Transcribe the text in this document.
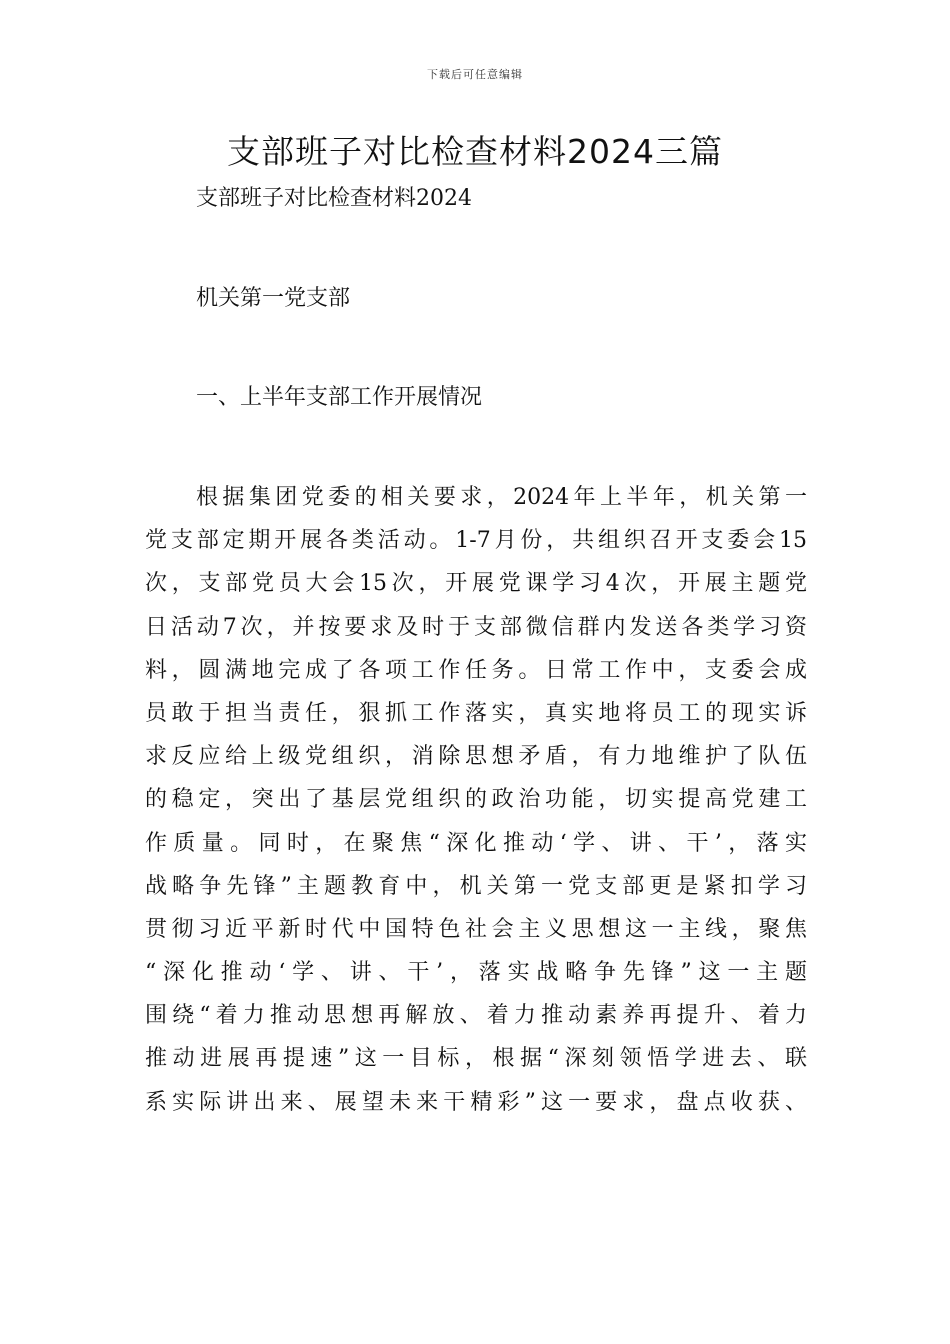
下载后可任意编辑
支部班子对比检查材料2024三篇

支部班子对比检查材料2024

机关第一党支部

一、上半年支部工作开展情况

根据集团党委的相关要求，2024年上半年，机关第一
党支部定期开展各类活动。1-7月份，共组织召开支委会15
次，支部党员大会15次，开展党课学习4次，开展主题党
日活动7次，并按要求及时于支部微信群内发送各类学习资
料，圆满地完成了各项工作任务。日常工作中，支委会成
员敢于担当责任，狠抓工作落实，真实地将员工的现实诉
求反应给上级党组织，消除思想矛盾，有力地维护了队伍
的稳定，突出了基层党组织的政治功能，切实提高党建工
作质量。同时，在聚焦“深化推动‘学、讲、干’，落实
战略争先锋”主题教育中，机关第一党支部更是紧扣学习
贯彻习近平新时代中国特色社会主义思想这一主线，聚焦
“深化推动‘学、讲、干’，落实战略争先锋”这一主题
围绕“着力推动思想再解放、着力推动素养再提升、着力
推动进展再提速”这一目标，根据“深刻领悟学进去、联
系实际讲出来、展望未来干精彩”这一要求，盘点收获、
